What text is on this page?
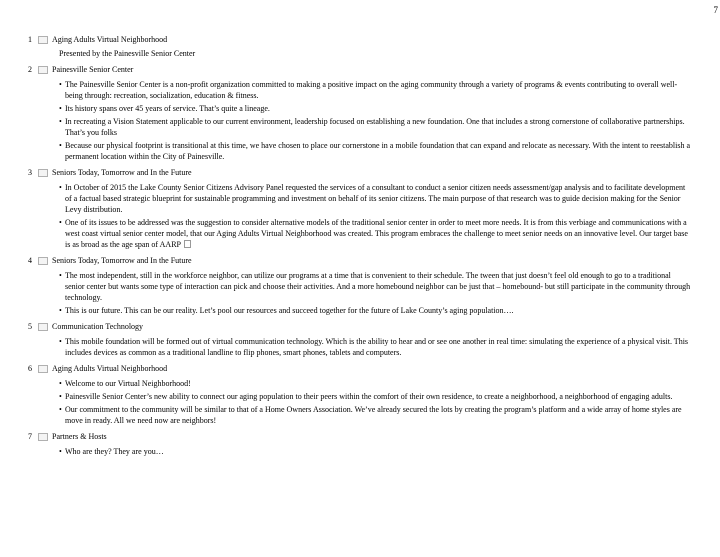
7
1	Aging Adults Virtual Neighborhood
Presented by the Painesville Senior Center
2	Painesville Senior Center
• The Painesville Senior Center is a non-profit organization committed to making a positive impact on the aging community through a variety of programs & events contributing to overall well-being through: recreation, socialization, education & fitness.
• Its history spans over 45 years of service. That’s quite a lineage.
• In recreating a Vision Statement applicable to our current environment, leadership focused on establishing a new foundation. One that includes a strong cornerstone of collaborative partnerships. That’s you folks
• Because our physical footprint is transitional at this time, we have chosen to place our cornerstone in a mobile foundation that can expand and relocate as necessary. With the intent to reestablish a permanent location within the City of Painesville.
3	Seniors Today, Tomorrow and In the Future
• In October of 2015 the Lake County Senior Citizens Advisory Panel requested the services of a consultant to conduct a senior citizen needs assessment/gap analysis and to facilitate development of a factual based strategic blueprint for sustainable programming and investment on behalf of its senior citizens. The main purpose of that research was to guide decision making for the Senior Levy distribution.
• One of its issues to be addressed was the suggestion to consider alternative models of the traditional senior center in order to meet more needs. It is from this verbiage and communications with a west coast virtual senior center model, that our Aging Adults Virtual Neighborhood was created. This program embraces the challenge to meet senior needs on an innovative level. Our target base is as broad as the age span of AARP
4	Seniors Today, Tomorrow and In the Future
• The most independent, still in the workforce neighbor, can utilize our programs at a time that is convenient to their schedule. The tween that just doesn’t feel old enough to go to a traditional senior center but wants some type of interaction can pick and choose their activities. And a more homebound neighbor can be just that – homebound- but still participate in the community through technology.
• This is our future. This can be our reality. Let’s pool our resources and succeed together for the future of Lake County’s aging population….
5	Communication Technology
• This mobile foundation will be formed out of virtual communication technology. Which is the ability to hear and or see one another in real time: simulating the experience of a physical visit. This includes devices as common as a traditional landline to flip phones, smart phones, tablets and computers.
6	Aging Adults Virtual Neighborhood
• Welcome to our Virtual Neighborhood!
• Painesville Senior Center’s new ability to connect our aging population to their peers within the comfort of their own residence, to create a neighborhood, a neighborhood of engaging adults.
• Our commitment to the community will be similar to that of a Home Owners Association. We’ve already secured the lots by creating the program’s platform and a wide array of home styles are move in ready. All we need now are neighbors!
7	Partners & Hosts
• Who are they? They are you…
